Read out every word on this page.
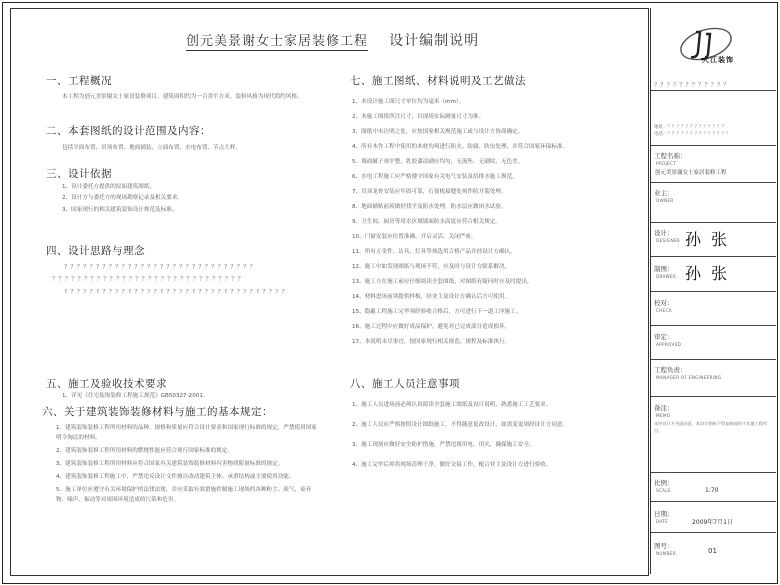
创元美景谢女士家居装修工程 设计编制说明
一、工程概况
本工程为创元美景谢女士家居装修项目，建筑面积约为一百余平方米，装修风格为现代简约风格。
二、本套图纸的设计范围及内容：
包括平面布置、吊顶布置、地面铺装、立面布置、水电布置、节点大样。
三、设计依据
1、设计委托方提供的原始建筑图纸。
2、设计方与委托方的现场勘察记录及相关要求。
3、国家现行的相关建筑装饰设计规范及标准。
四、设计思路与理念
？？？？？？？？？？？？？？？？？？？？？？？？？？？？？？
？？？？？？？？？？？？？？？？？？？？？？？？？？？？？？
？？？？？？？？？？？？？？？？？？？？？？？？？？？？？？？？？？？
五、施工及验收技术要求
1、详见《住宅装饰装修工程施工规范》GB50327-2001。
六、关于建筑装饰装修材料与施工的基本规定：
1、建筑装饰装修工程所用材料的品种、规格和质量应符合设计要求和国家现行标准的规定，严禁使用国家明令淘汰的材料。
2、建筑装饰装修工程所用材料的燃烧性能应符合现行国家标准的规定。
3、建筑装饰装修工程所用材料应符合国家有关建筑装饰装修材料有害物质限量标准的规定。
4、建筑装饰装修工程施工中，严禁违反设计文件擅自改动建筑主体、承重结构或主要使用功能。
5、施工单位应遵守有关环境保护的法律法规，并应采取有效措施控制施工现场的各种粉尘、废气、废弃物、噪声、振动等对周围环境造成的污染和危害。
七、施工图纸、材料说明及工艺做法
1、本设计施工图尺寸单位均为毫米（mm）。
2、本施工图纸所注尺寸，以现场实际测量尺寸为准。
3、图纸中未注明之处，应按国家相关规范施工或与设计方协商确定。
4、所有木作工程中使用的木材均须进行防火、防腐、防虫处理，并符合国家环保标准。
5、墙面腻子须平整，乳胶漆涂刷应均匀，无流坠、无刷纹、无色差。
6、水电工程施工应严格遵守国家有关电气安装及给排水施工规范。
7、吊顶龙骨安装应牢固可靠，石膏板接缝处须作防开裂处理。
8、地面铺贴前须做好找平及防水处理，防水层应做闭水试验。
9、卫生间、厨房等用水区域墙面防水高度应符合相关规定。
10、门窗安装应位置准确、开启灵活、关闭严密。
11、所有五金件、洁具、灯具等须选用合格产品并经设计方确认。
12、施工中如发现图纸与现场不符，应及时与设计方联系解决。
13、施工方在施工前应仔细阅读全套图纸，对图纸有疑问时应及时提出。
14、材料进场前须提供样板，经业主及设计方确认后方可使用。
15、隐蔽工程施工完毕须经验收合格后，方可进行下一道工序施工。
16、施工过程中应做好成品保护，避免对已完成部分造成损坏。
17、本说明未尽事宜，按国家现行相关规范、规程及标准执行。
八、施工人员注意事项
1、施工人员进场前必须认真阅读全套施工图纸及设计说明，熟悉施工工艺要求。
2、施工人员应严格按照设计图纸施工，不得随意更改设计，如需变更须经设计方同意。
3、施工现场应做好安全防护措施，严禁违规用电、用火，确保施工安全。
4、施工完毕后须将现场清理干净，做好交接工作，配合业主及设计方进行验收。
大江装饰
？？？？？？？？？？？？
地址：？？？？？？？？？？？？？
电话：？？？？？？？？？？？？？？
工程名称：
PROJECT
创元美景谢女士家居装修工程
业主：
OWNER
设计：
DESIGNER 孙张
制图：
DRAWER 孙张
校对：
CHECK
审定：
APPROVED
工程负责：
MANAGER OF ENGINEERING
备注：
MEMO
未经设计方书面同意，本设计图纸不得复制或用于其他工程项目。
比例：
SCALE	1:70
日期：
DATE	2009年7月1日
图号：
NUMBER	01
